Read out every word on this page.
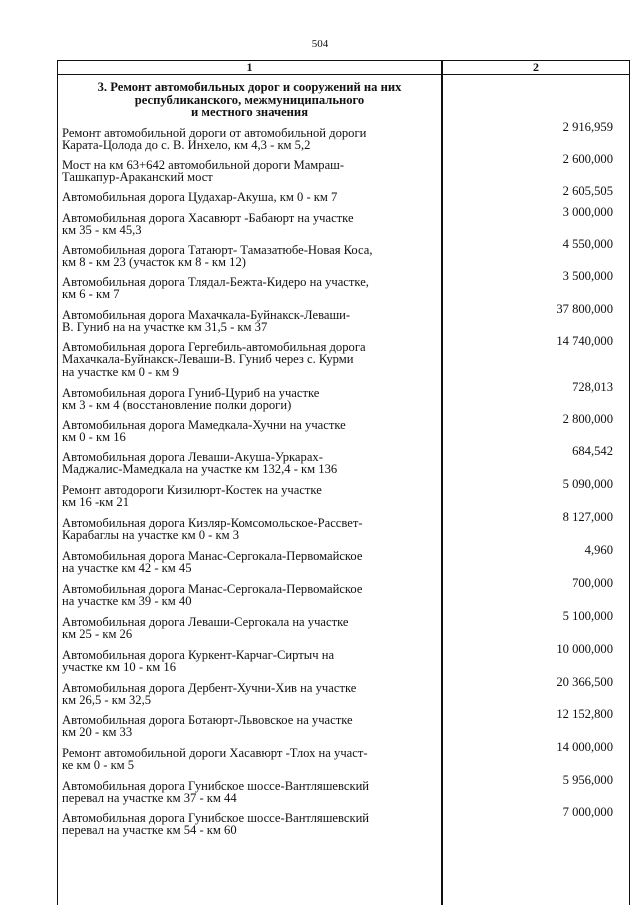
504
1	2
3. Ремонт автомобильных дорог и сооружений на них
республиканского, межмуниципального
и местного значения
Ремонт автомобильной дороги от автомобильной дороги
Карата-Цолода до с. В. Инхело, км 4,3 - км 5,2
2 916,959
Мост на км 63+642 автомобильной дороги Мамраш-
Ташкапур-Араканский мост
2 600,000
Автомобильная дорога Цудахар-Акуша, км 0 - км 7	2 605,505
Автомобильная дорога Хасавюрт -Бабаюрт на участке
км 35 - км 45,3
3 000,000
Автомобильная дорога Татаюрт- Тамазатюбе-Новая Коса,
км 8 - км 23 (участок км 8 - км 12)
4 550,000
Автомобильная дорога Тлядал-Бежта-Кидеро на участке,
км 6 - км 7
3 500,000
Автомобильная дорога Махачкала-Буйнакск-Леваши-
В. Гуниб на на участке км 31,5 - км 37
37 800,000
Автомобильная дорога Гергебиль-автомобильная дорога
Махачкала-Буйнакск-Леваши-В. Гуниб через с. Курми
на участке км 0 - км 9
14 740,000
Автомобильная дорога Гуниб-Цуриб на участке
км 3 - км 4 (восстановление полки дороги)
728,013
Автомобильная дорога Мамедкала-Хучни на участке
км 0 - км 16
2 800,000
Автомобильная дорога Леваши-Акуша-Уркарах-
Маджалис-Мамедкала на участке км 132,4 - км 136
684,542
Ремонт автодороги Кизилюрт-Костек на участке
км 16 -км 21
5 090,000
Автомобильная дорога Кизляр-Комсомольское-Рассвет-
Карабаглы на участке км 0 - км 3
8 127,000
Автомобильная дорога Манас-Сергокала-Первомайское
на участке км 42 - км 45
4,960
Автомобильная дорога Манас-Сергокала-Первомайское
на участке км 39 - км 40
700,000
Автомобильная дорога Леваши-Сергокала на участке
км 25 - км 26
5 100,000
Автомобильная дорога Куркент-Карчаг-Сиртыч на
участке км 10 - км 16
10 000,000
Автомобильная дорога Дербент-Хучни-Хив на участке
км 26,5 - км 32,5
20 366,500
Автомобильная дорога Ботаюрт-Львовское на участке
км 20 - км 33
12 152,800
Ремонт автомобильной дороги Хасавюрт -Тлох на участ-
ке км 0 - км 5
14 000,000
Автомобильная дорога Гунибское шоссе-Вантляшевский
перевал на участке км 37 - км 44
5 956,000
Автомобильная дорога Гунибское шоссе-Вантляшевский
перевал на участке км 54 - км 60
7 000,000
